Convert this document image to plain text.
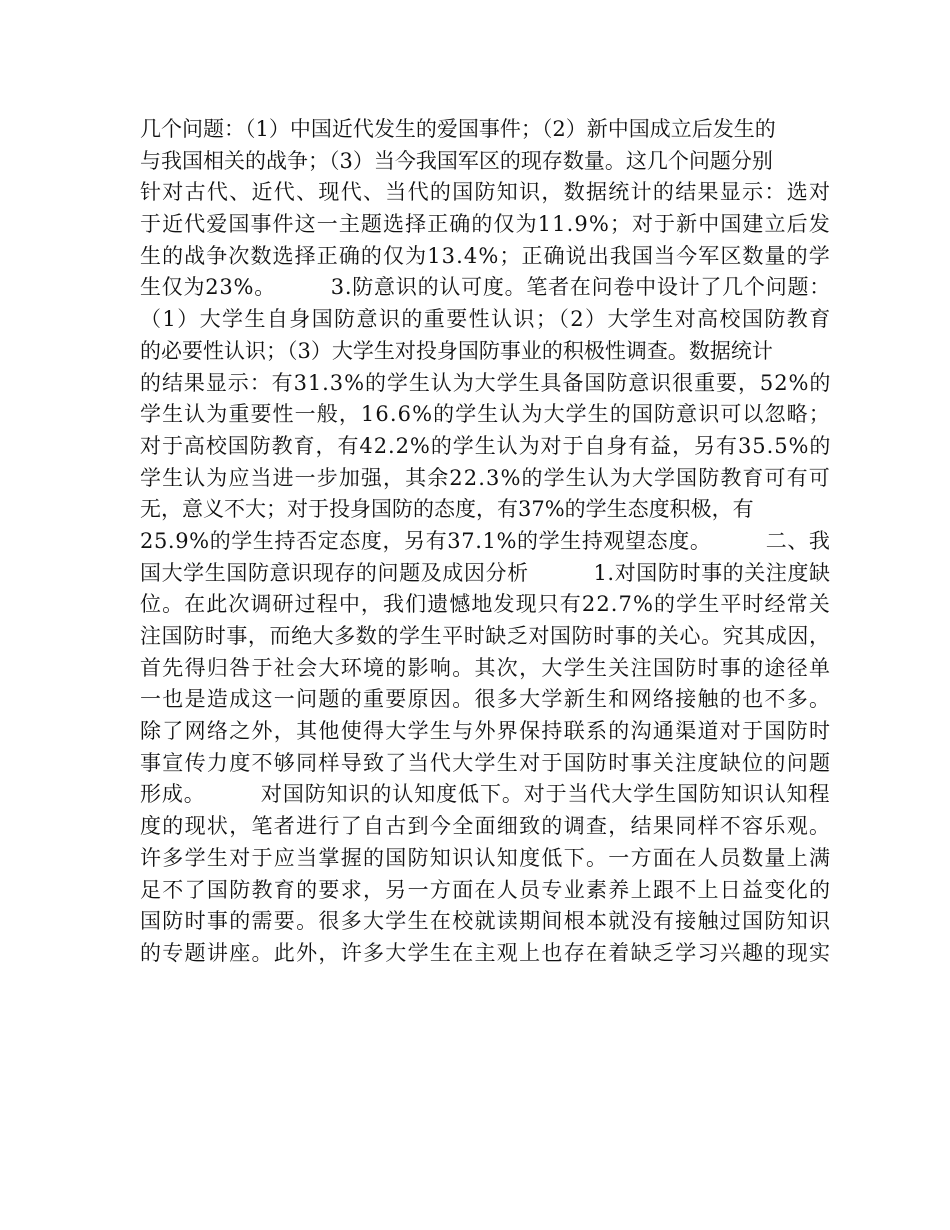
几个问题：（1）中国近代发生的爱国事件；（2）新中国成立后发生的
与我国相关的战争；（3）当今我国军区的现存数量。这几个问题分别
针对古代、近代、现代、当代的国防知识，数据统计的结果显示：选对
于近代爱国事件这一主题选择正确的仅为11.9%；对于新中国建立后发
生的战争次数选择正确的仅为13.4%；正确说出我国当今军区数量的学
生仅为23%。　　　3.防意识的认可度。笔者在问卷中设计了几个问题：
（1）大学生自身国防意识的重要性认识；（2）大学生对高校国防教育
的必要性认识；（3）大学生对投身国防事业的积极性调查。数据统计
的结果显示：有31.3%的学生认为大学生具备国防意识很重要，52%的
学生认为重要性一般，16.6%的学生认为大学生的国防意识可以忽略；
对于高校国防教育，有42.2%的学生认为对于自身有益，另有35.5%的
学生认为应当进一步加强，其余22.3%的学生认为大学国防教育可有可
无，意义不大；对于投身国防的态度，有37%的学生态度积极，有
25.9%的学生持否定态度，另有37.1%的学生持观望态度。　　　二、我
国大学生国防意识现存的问题及成因分析　　　1.对国防时事的关注度缺
位。在此次调研过程中，我们遗憾地发现只有22.7%的学生平时经常关
注国防时事，而绝大多数的学生平时缺乏对国防时事的关心。究其成因，
首先得归咎于社会大环境的影响。其次，大学生关注国防时事的途径单
一也是造成这一问题的重要原因。很多大学新生和网络接触的也不多。
除了网络之外，其他使得大学生与外界保持联系的沟通渠道对于国防时
事宣传力度不够同样导致了当代大学生对于国防时事关注度缺位的问题
形成。　　　对国防知识的认知度低下。对于当代大学生国防知识认知程
度的现状，笔者进行了自古到今全面细致的调查，结果同样不容乐观。
许多学生对于应当掌握的国防知识认知度低下。一方面在人员数量上满
足不了国防教育的要求，另一方面在人员专业素养上跟不上日益变化的
国防时事的需要。很多大学生在校就读期间根本就没有接触过国防知识
的专题讲座。此外，许多大学生在主观上也存在着缺乏学习兴趣的现实
